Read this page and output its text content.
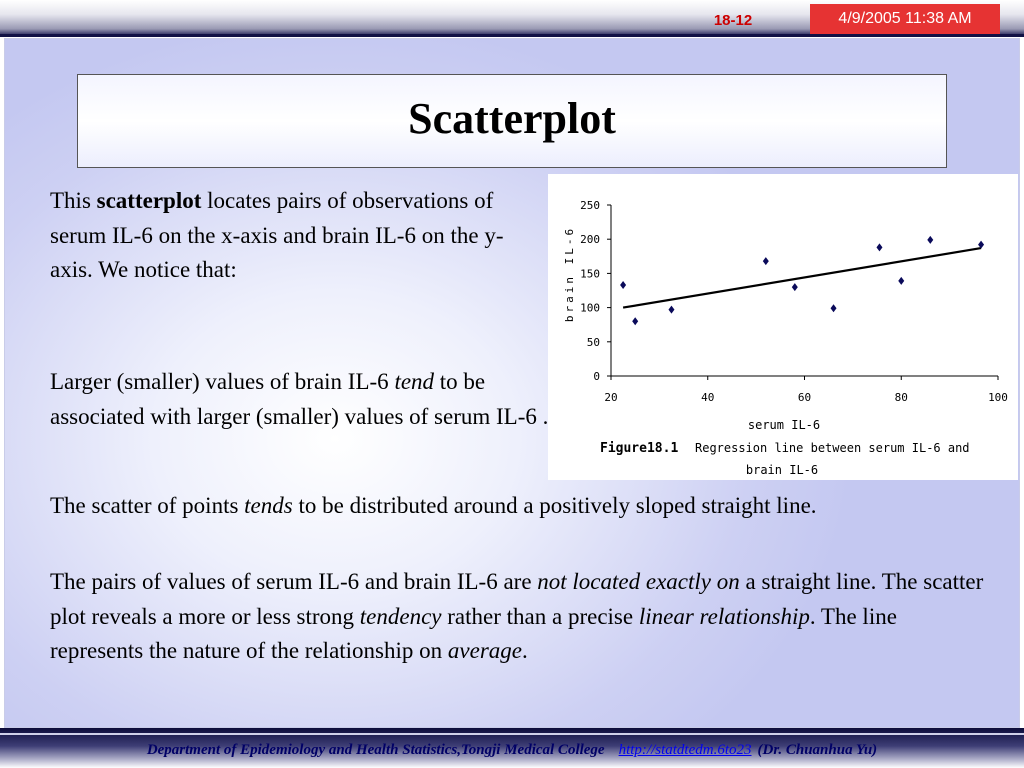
18-12	4/9/2005 11:38 AM
Scatterplot
This scatterplot locates pairs of observations of serum IL-6 on the x-axis and brain IL-6 on the y-axis. We notice that:
Larger (smaller) values of brain IL-6 tend to be associated with larger (smaller) values of serum IL-6 .
The scatter of points tends to be distributed around a positively sloped straight line.
The pairs of values of serum IL-6 and brain IL-6 are not located exactly on a straight line. The scatter plot reveals a more or less strong tendency rather than a precise linear relationship. The line represents the nature of the relationship on average.
brain IL-6
serum IL-6
Figure18.1 Regression line between serum IL-6 and
brain IL-6
0
50
100
150
200
250
20	40	60	80	100
Department of Epidemiology and Health Statistics,Tongji Medical College http://statdtedm.6to23 (Dr. Chuanhua Yu)
